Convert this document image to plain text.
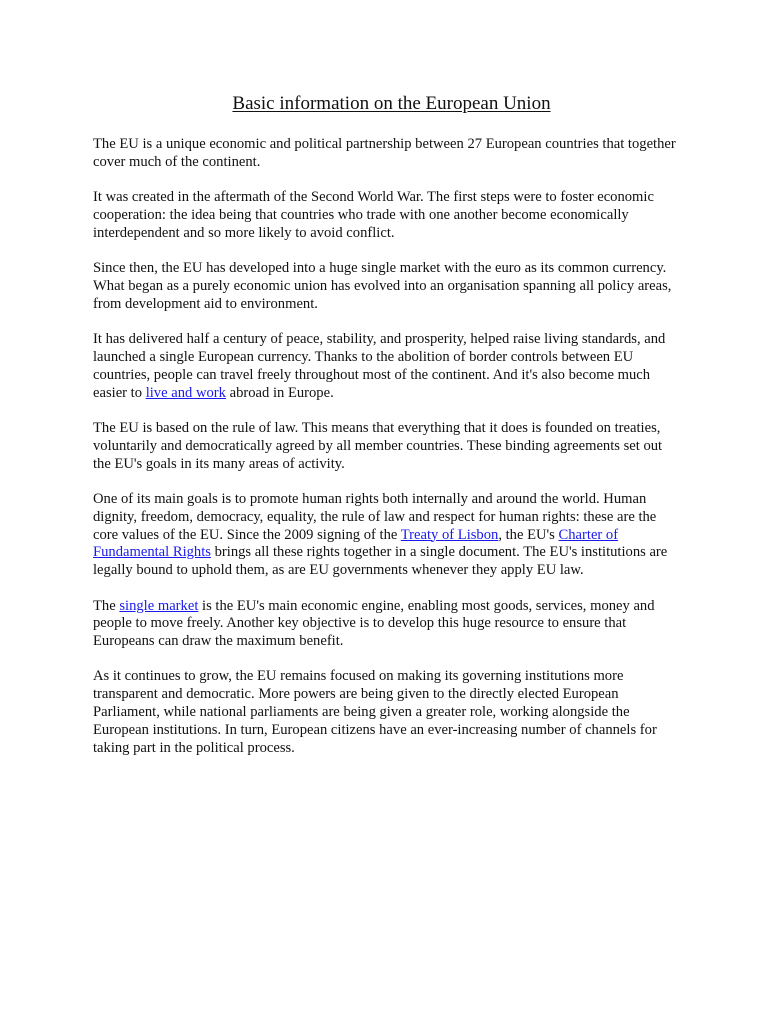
Basic information on the European Union

The EU is a unique economic and political partnership between 27 European countries that together cover much of the continent.

It was created in the aftermath of the Second World War. The first steps were to foster economic cooperation: the idea being that countries who trade with one another become economically interdependent and so more likely to avoid conflict.

Since then, the EU has developed into a huge single market with the euro as its common currency. What began as a purely economic union has evolved into an organisation spanning all policy areas, from development aid to environment.

It has delivered half a century of peace, stability, and prosperity, helped raise living standards, and launched a single European currency. Thanks to the abolition of border controls between EU countries, people can travel freely throughout most of the continent. And it's also become much easier to live and work abroad in Europe.

The EU is based on the rule of law. This means that everything that it does is founded on treaties, voluntarily and democratically agreed by all member countries. These binding agreements set out the EU's goals in its many areas of activity.

One of its main goals is to promote human rights both internally and around the world. Human dignity, freedom, democracy, equality, the rule of law and respect for human rights: these are the core values of the EU. Since the 2009 signing of the Treaty of Lisbon, the EU's Charter of Fundamental Rights brings all these rights together in a single document. The EU's institutions are legally bound to uphold them, as are EU governments whenever they apply EU law.

The single market is the EU's main economic engine, enabling most goods, services, money and people to move freely. Another key objective is to develop this huge resource to ensure that Europeans can draw the maximum benefit.

As it continues to grow, the EU remains focused on making its governing institutions more transparent and democratic. More powers are being given to the directly elected European Parliament, while national parliaments are being given a greater role, working alongside the European institutions. In turn, European citizens have an ever-increasing number of channels for taking part in the political process.
